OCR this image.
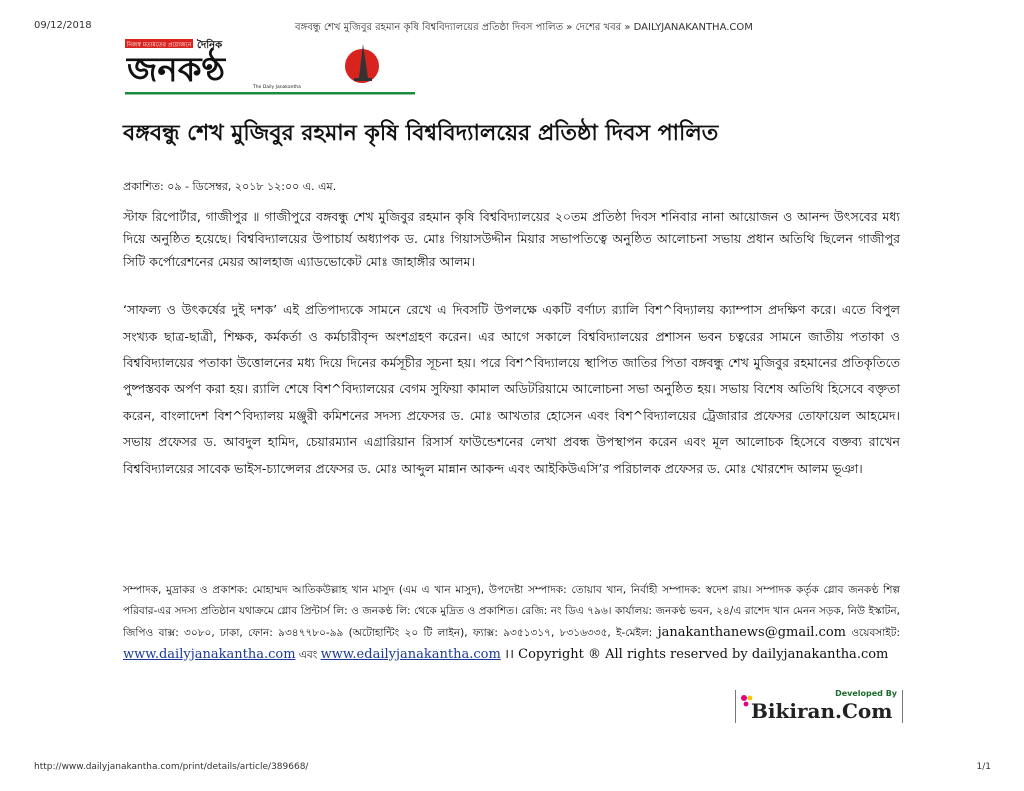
09/12/2018	বঙ্গবন্ধু শেখ মুজিবুর রহমান কৃষি বিশ্ববিদ্যালয়ের প্রতিষ্ঠা দিবস পালিত » দেশের খবর » DAILYJANAKANTHA.COM
নিজস্ব মতামতের প্রয়োজনে দৈনিক
জনকণ্ঠ	The Daily Janakantha
বঙ্গবন্ধু শেখ মুজিবুর রহমান কৃষি বিশ্ববিদ্যালয়ের প্রতিষ্ঠা দিবস পালিত
প্রকাশিত: ০৯ - ডিসেম্বর, ২০১৮ ১২:০০ এ. এম.

স্টাফ রিপোর্টার, গাজীপুর ॥ গাজীপুরে বঙ্গবন্ধু শেখ মুজিবুর রহমান কৃষি বিশ্ববিদ্যালয়ের ২০তম প্রতিষ্ঠা দিবস শনিবার নানা আয়োজন ও আনন্দ উৎসবের মধ্য দিয়ে অনুষ্ঠিত হয়েছে। বিশ্ববিদ্যালয়ের উপাচার্য অধ্যাপক ড. মোঃ গিয়াসউদ্দীন মিয়ার সভাপতিত্বে অনুষ্ঠিত আলোচনা সভায় প্রধান অতিথি ছিলেন গাজীপুর সিটি কর্পোরেশনের মেয়র আলহাজ এ্যাডভোকেট মোঃ জাহাঙ্গীর আলম।

‘সাফল্য ও উৎকর্ষের দুই দশক’ এই প্রতিপাদ্যকে সামনে রেখে এ দিবসটি উপলক্ষে একটি বর্ণাঢ্য র‌্যালি বিশ^বিদ্যালয় ক্যাম্পাস প্রদক্ষিণ করে। এতে বিপুল সংখ্যক ছাত্র-ছাত্রী, শিক্ষক, কর্মকর্তা ও কর্মচারীবৃন্দ অংশগ্রহণ করেন। এর আগে সকালে বিশ্ববিদ্যালয়ের প্রশাসন ভবন চত্বরের সামনে জাতীয় পতাকা ও বিশ্ববিদ্যালয়ের পতাকা উত্তোলনের মধ্য দিয়ে দিনের কর্মসূচীর সূচনা হয়। পরে বিশ^বিদ্যালয়ে স্থাপিত জাতির পিতা বঙ্গবন্ধু শেখ মুজিবুর রহমানের প্রতিকৃতিতে পুষ্পস্তবক অর্পণ করা হয়। র‌্যালি শেষে বিশ^বিদ্যালয়ের বেগম সুফিয়া কামাল অডিটরিয়ামে আলোচনা সভা অনুষ্ঠিত হয়। সভায় বিশেষ অতিথি হিসেবে বক্তৃতা করেন, বাংলাদেশ বিশ^বিদ্যালয় মঞ্জুরী কমিশনের সদস্য প্রফেসর ড. মোঃ আখতার হোসেন এবং বিশ^বিদ্যালয়ের ট্রেজারার প্রফেসর তোফায়েল আহমেদ। সভায় প্রফেসর ড. আবদুল হামিদ, চেয়ারম্যান এগ্রারিয়ান রিসার্স ফাউন্ডেশনের লেখা প্রবন্ধ উপস্থাপন করেন এবং মূল আলোচক হিসেবে বক্তব্য রাখেন বিশ্ববিদ্যালয়ের সাবেক ভাইস-চ্যান্সেলর প্রফেসর ড. মোঃ আব্দুল মান্নান আকন্দ এবং আইকিউএসি’র পরিচালক প্রফেসর ড. মোঃ খোরশেদ আলম ভূঞা।

সম্পাদক, মুদ্রাকর ও প্রকাশক: মোহাম্মদ আতিকউল্লাহ খান মাসুদ (এম এ খান মাসুদ), উপদেষ্টা সম্পাদক: তোয়াব খান, নির্বাহী সম্পাদক: স্বদেশ রায়। সম্পাদক কর্তৃক গ্লোব জনকণ্ঠ শিল্প পরিবার-এর সদস্য প্রতিষ্ঠান যথাক্রমে গ্লোব প্রিন্টার্স লি: ও জনকণ্ঠ লি: থেকে মুদ্রিত ও প্রকাশিত। রেজি: নং ডিএ ৭৯৬। কার্যালয়: জনকণ্ঠ ভবন, ২৪/এ রাশেদ খান মেনন সড়ক, নিউ ইস্কাটন, জিপিও বাক্স: ৩০৮০, ঢাকা, ফোন: ৯৩৪৭৭৮০-৯৯ (অটোহান্টিং ২০ টি লাইন), ফ্যাক্স: ৯৩৫১৩১৭, ৮৩১৬৩৩৫, ই-মেইল: janakanthanews@gmail.com ওয়েবসাইট: www.dailyjanakantha.com এবং www.edailyjanakantha.com ।। Copyright ® All rights reserved by dailyjanakantha.com
Developed By
Bikiran.Com
http://www.dailyjanakantha.com/print/details/article/389668/	1/1
